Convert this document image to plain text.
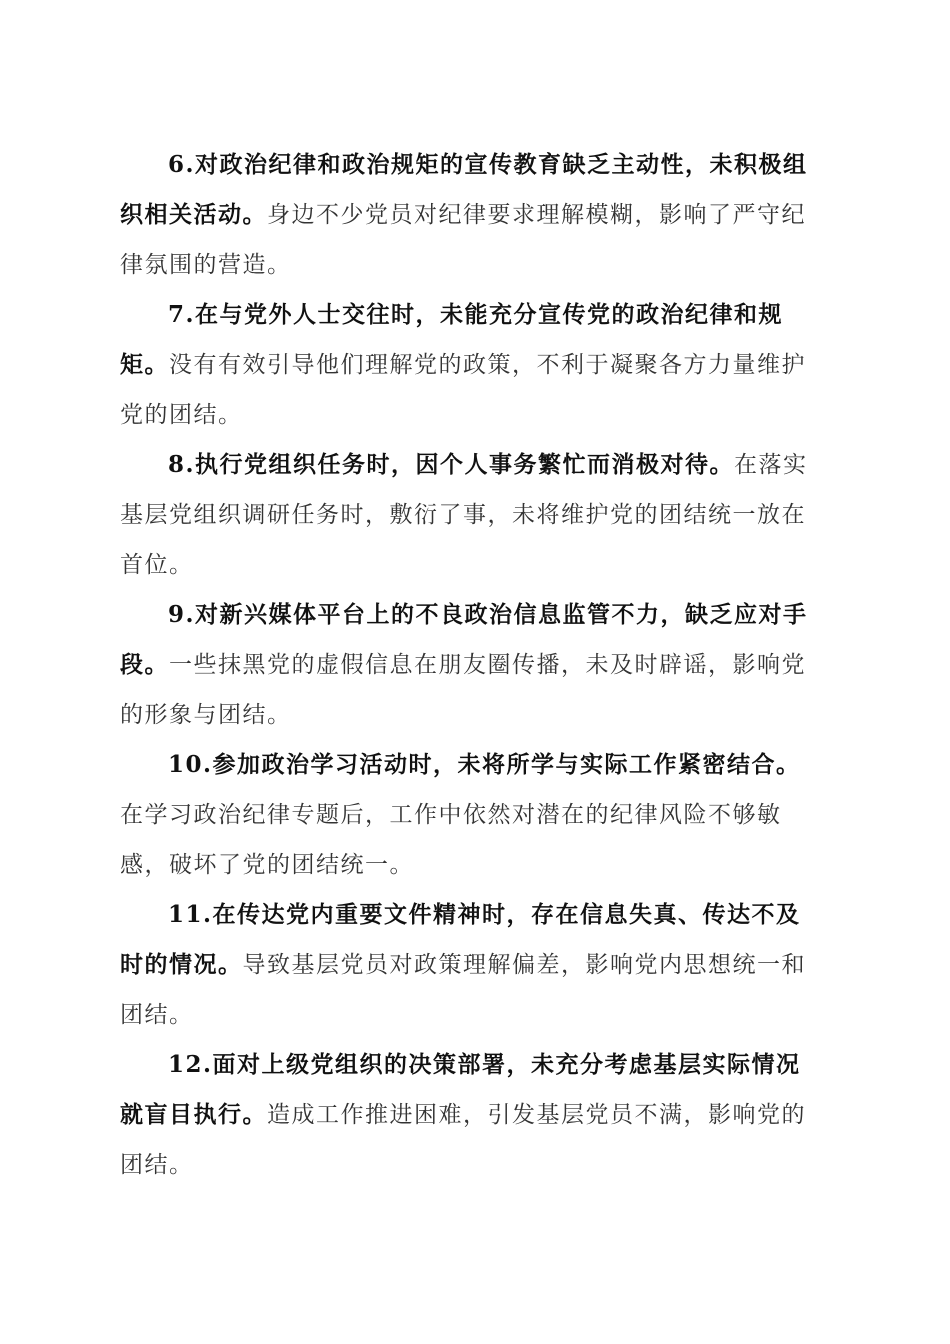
6.对政治纪律和政治规矩的宣传教育缺乏主动性，未积极组织相关活动。身边不少党员对纪律要求理解模糊，影响了严守纪律氛围的营造。

7.在与党外人士交往时，未能充分宣传党的政治纪律和规矩。没有有效引导他们理解党的政策，不利于凝聚各方力量维护党的团结。

8.执行党组织任务时，因个人事务繁忙而消极对待。在落实基层党组织调研任务时，敷衍了事，未将维护党的团结统一放在首位。

9.对新兴媒体平台上的不良政治信息监管不力，缺乏应对手段。一些抹黑党的虚假信息在朋友圈传播，未及时辟谣，影响党的形象与团结。

10.参加政治学习活动时，未将所学与实际工作紧密结合。在学习政治纪律专题后，工作中依然对潜在的纪律风险不够敏感，破坏了党的团结统一。

11.在传达党内重要文件精神时，存在信息失真、传达不及时的情况。导致基层党员对政策理解偏差，影响党内思想统一和团结。

12.面对上级党组织的决策部署，未充分考虑基层实际情况就盲目执行。造成工作推进困难，引发基层党员不满，影响党的团结。
